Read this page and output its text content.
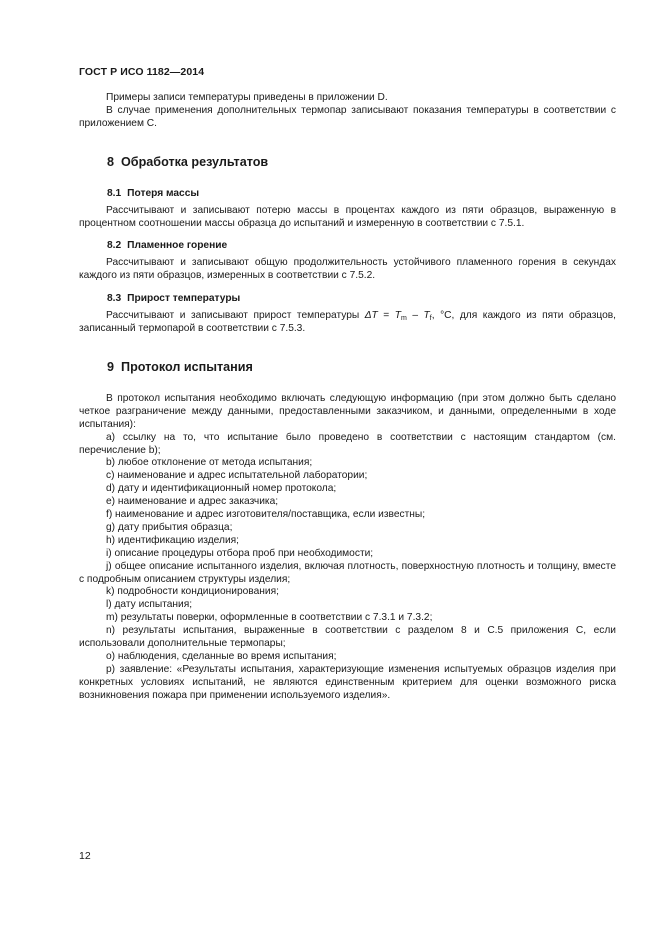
ГОСТ Р ИСО 1182—2014

Примеры записи температуры приведены в приложении D.

В случае применения дополнительных термопар записывают показания температуры в соответствии с приложением С.

8 Обработка результатов
8.1 Потеря массы

Рассчитывают и записывают потерю массы в процентах каждого из пяти образцов, выраженную в процентном соотношении массы образца до испытаний и измеренную в соответствии с 7.5.1.

8.2 Пламенное горение

Рассчитывают и записывают общую продолжительность устойчивого пламенного горения в секундах каждого из пяти образцов, измеренных в соответствии с 7.5.2.

8.3 Прирост температуры

Рассчитывают и записывают прирост температуры $\Delta T = T_m - T_f$, °С, для каждого из пяти образцов, записанный термопарой в соответствии с 7.5.3.

9 Протокол испытания

В протокол испытания необходимо включать следующую информацию (при этом должно быть сделано четкое разграничение между данными, предоставленными заказчиком, и данными, определенными в ходе испытания):

а) ссылку на то, что испытание было проведено в соответствии с настоящим стандартом (см. перечисление b);

b) любое отклонение от метода испытания;

с) наименование и адрес испытательной лаборатории;

d) дату и идентификационный номер протокола;

е) наименование и адрес заказчика;

f) наименование и адрес изготовителя/поставщика, если известны;

g) дату прибытия образца;

h) идентификацию изделия;

i) описание процедуры отбора проб при необходимости;

j) общее описание испытанного изделия, включая плотность, поверхностную плотность и толщину, вместе с подробным описанием структуры изделия;

k) подробности кондиционирования;

l) дату испытания;

m) результаты поверки, оформленные в соответствии с 7.3.1 и 7.3.2;

n) результаты испытания, выраженные в соответствии с разделом 8 и С.5 приложения С, если использовали дополнительные термопары;

о) наблюдения, сделанные во время испытания;

р) заявление: «Результаты испытания, характеризующие изменения испытуемых образцов изделия при конкретных условиях испытаний, не являются единственным критерием для оценки возможного риска возникновения пожара при применении используемого изделия».

12
